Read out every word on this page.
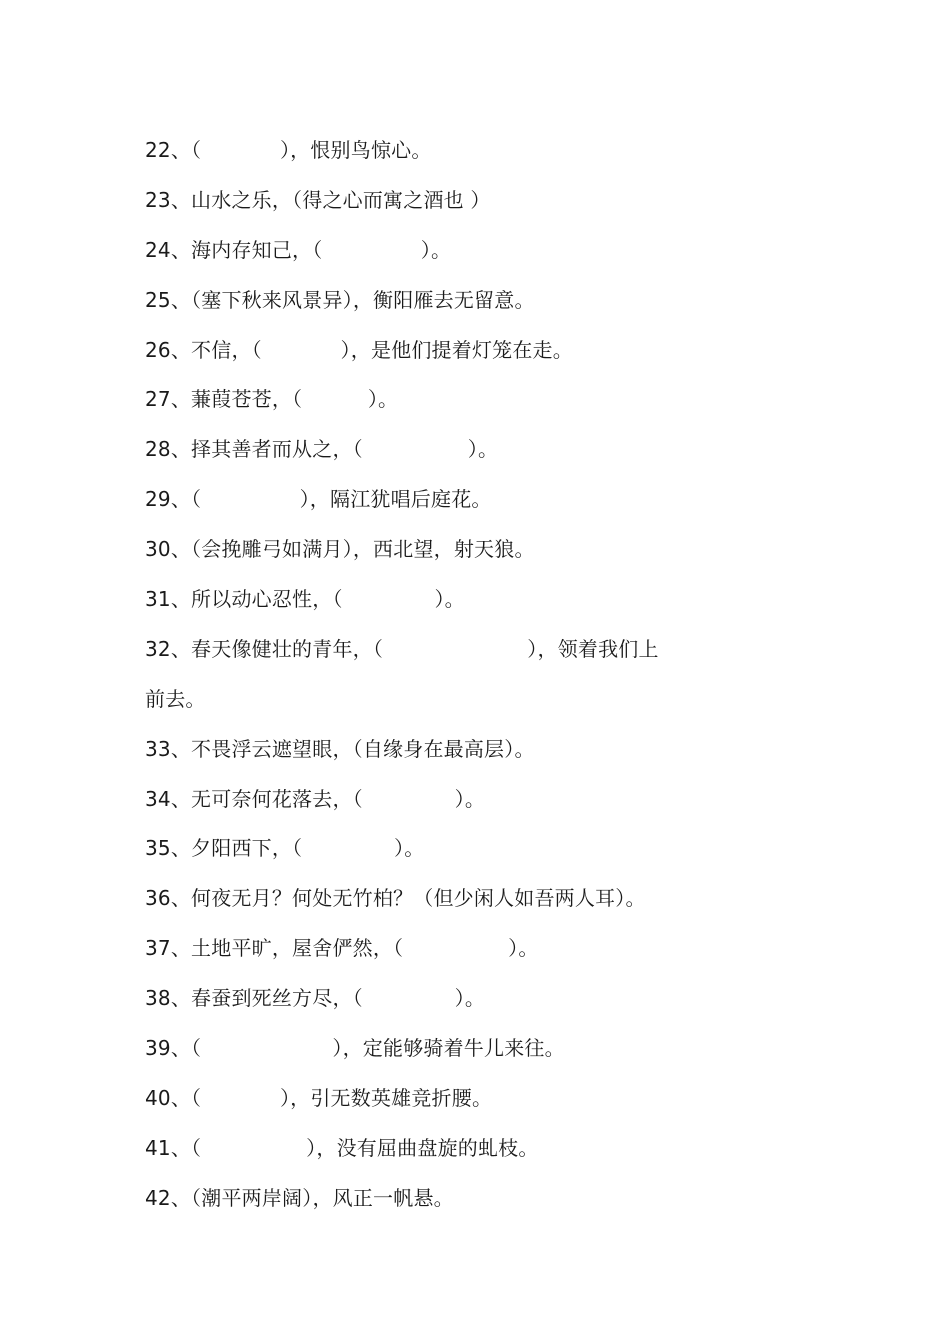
22、（            ），恨别鸟惊心。
23、山水之乐，（得之心而寓之酒也 ）
24、海内存知己，（               ）。
25、（塞下秋来风景异），衡阳雁去无留意。
26、不信，（            ），是他们提着灯笼在走。
27、蒹葭苍苍，（          ）。
28、择其善者而从之，（                ）。
29、（               ），隔江犹唱后庭花。
30、（会挽雕弓如满月），西北望，射天狼。
31、所以动心忍性，（              ）。
32、春天像健壮的青年，（                      ），领着我们上
前去。
33、不畏浮云遮望眼，（自缘身在最高层）。
34、无可奈何花落去，（              ）。
35、夕阳西下，（              ）。
36、何夜无月？何处无竹柏？（但少闲人如吾两人耳）。
37、土地平旷，屋舍俨然，（                ）。
38、春蚕到死丝方尽，（              ）。
39、（                    ），定能够骑着牛儿来往。
40、（            ），引无数英雄竞折腰。
41、（                ），没有屈曲盘旋的虬枝。
42、（潮平两岸阔），风正一帆悬。
